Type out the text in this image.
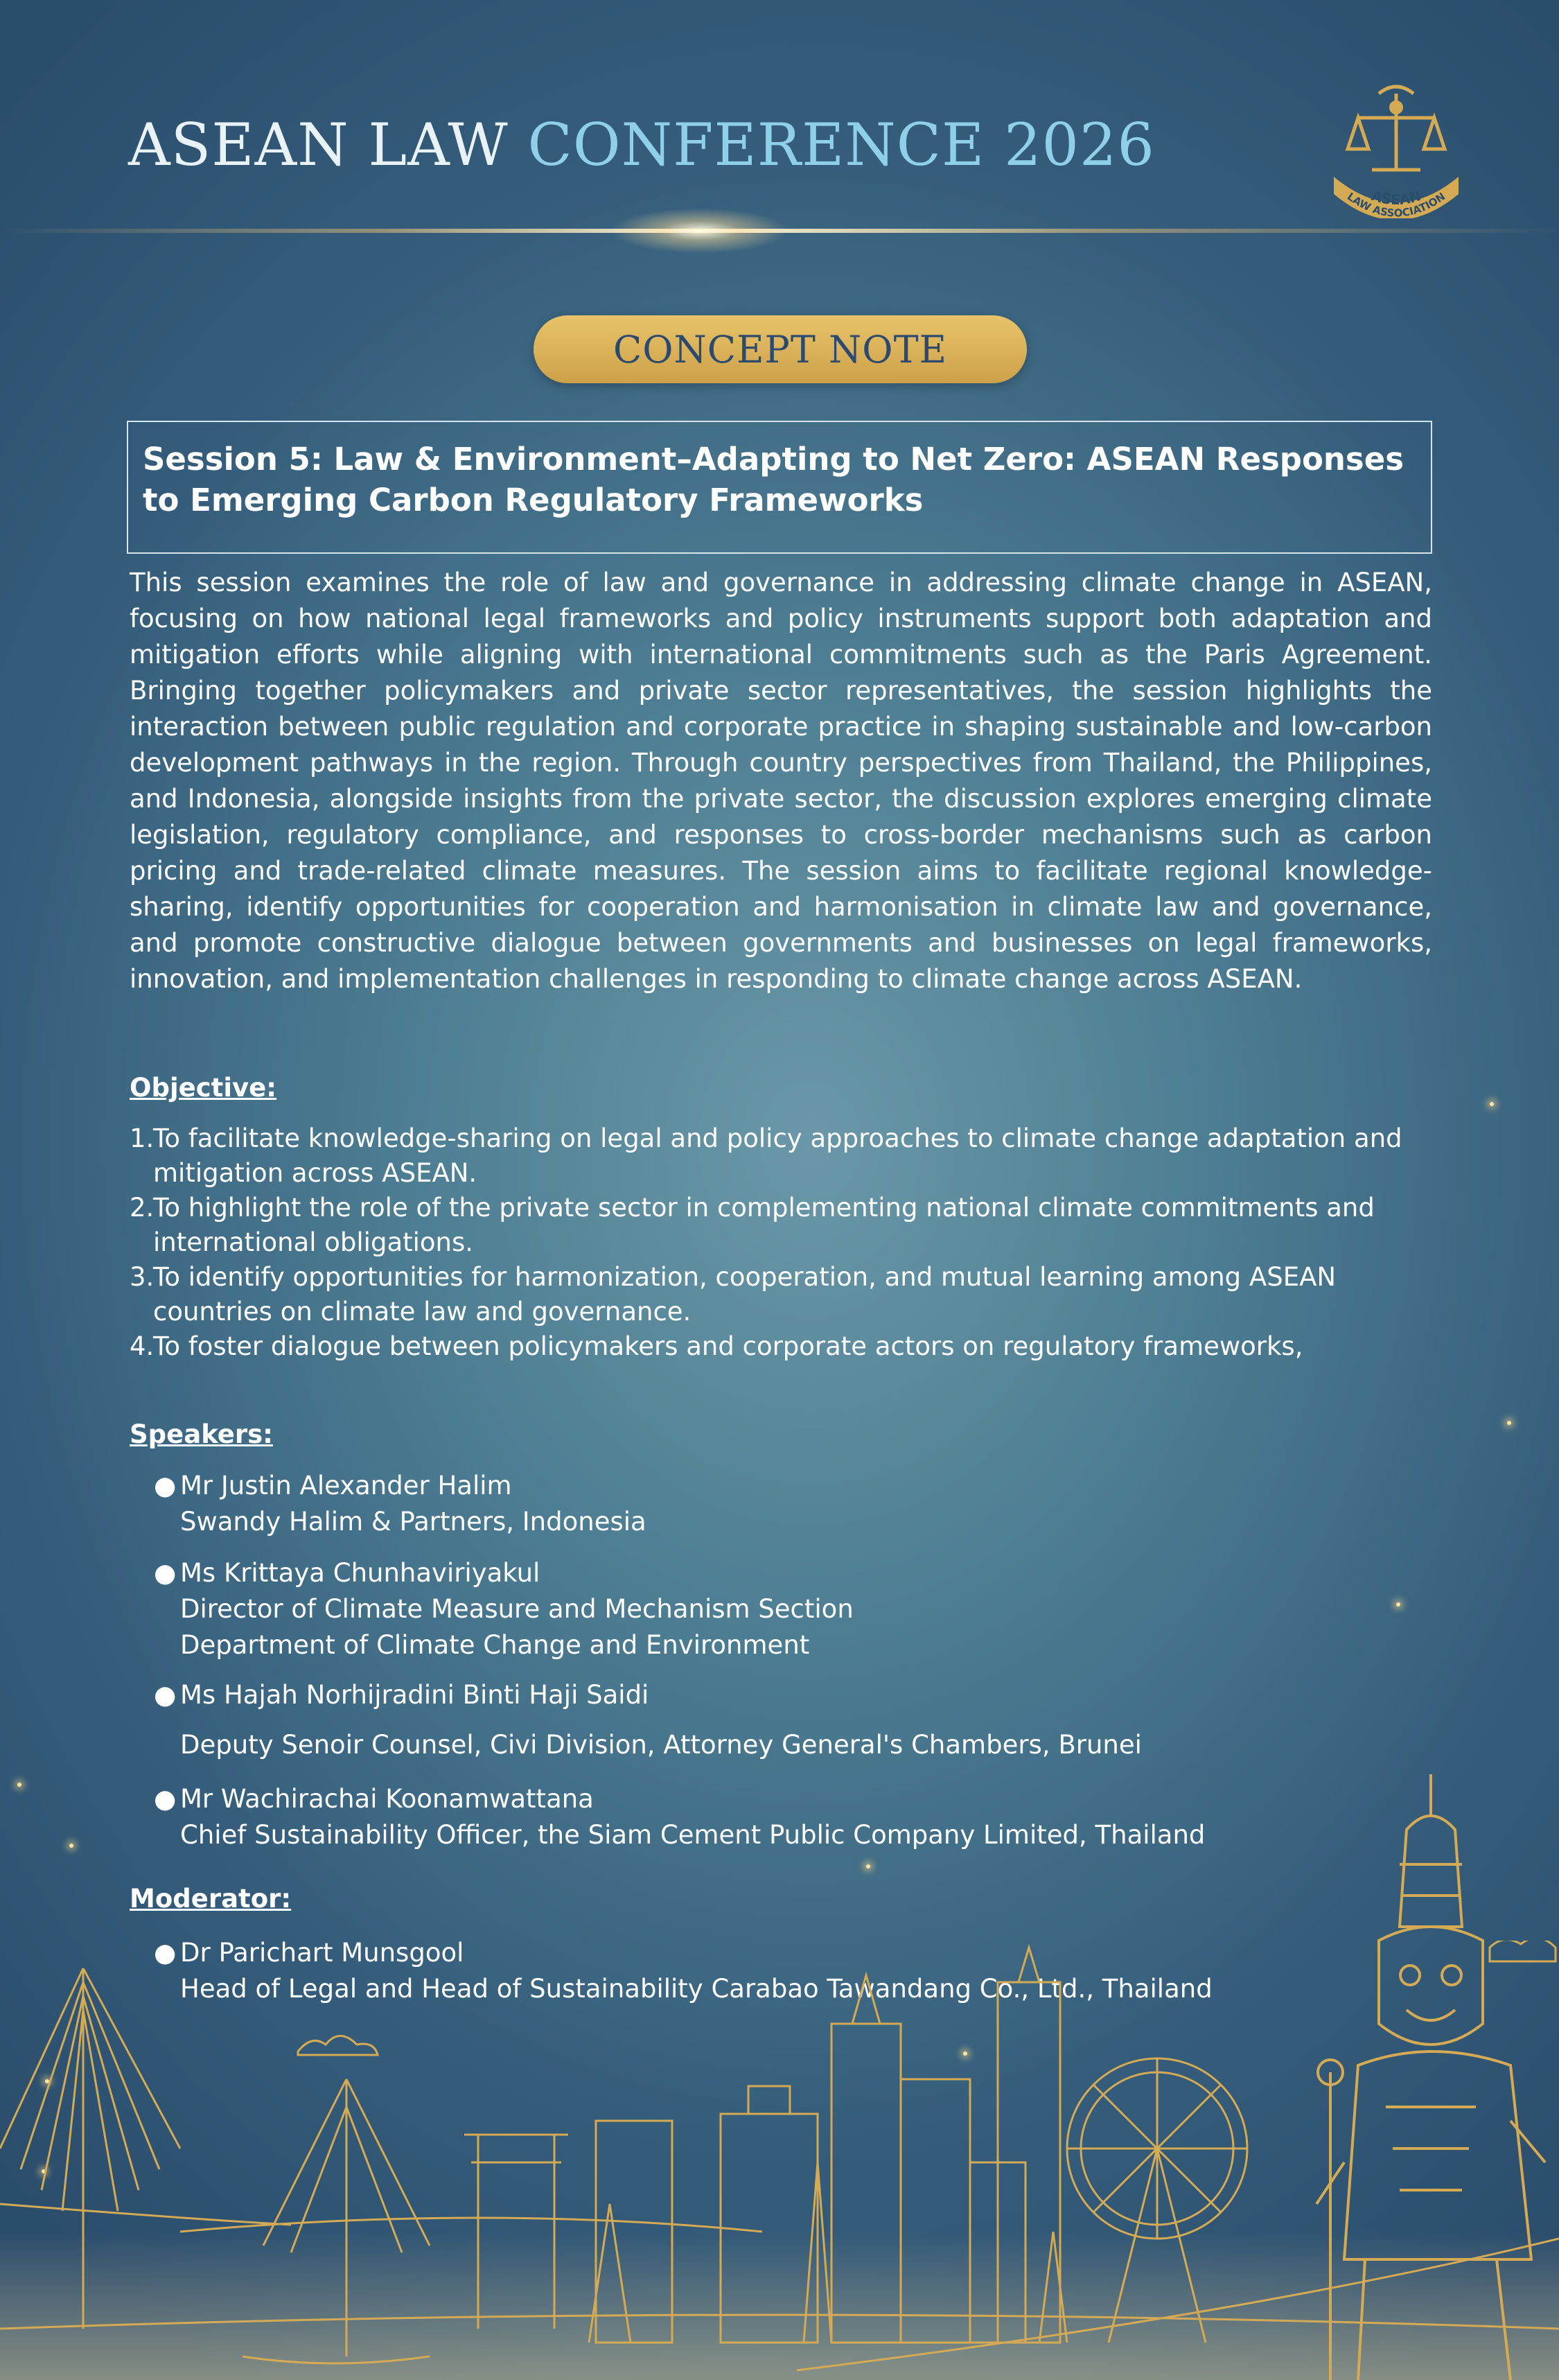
ASEAN LAW CONFERENCE 2026
ASEAN
LAW ASSOCIATION
CONCEPT NOTE
Session 5: Law & Environment–Adapting to Net Zero: ASEAN Responses to Emerging Carbon Regulatory Frameworks

This session examines the role of law and governance in addressing climate change in ASEAN, focusing on how national legal frameworks and policy instruments support both adaptation and mitigation efforts while aligning with international commitments such as the Paris Agreement. Bringing together policymakers and private sector representatives, the session highlights the interaction between public regulation and corporate practice in shaping sustainable and low-carbon development pathways in the region. Through country perspectives from Thailand, the Philippines, and Indonesia, alongside insights from the private sector, the discussion explores emerging climate legislation, regulatory compliance, and responses to cross-border mechanisms such as carbon pricing and trade-related climate measures. The session aims to facilitate regional knowledge-sharing, identify opportunities for cooperation and harmonisation in climate law and governance, and promote constructive dialogue between governments and businesses on legal frameworks, innovation, and implementation challenges in responding to climate change across ASEAN.

Objective:

1.
To facilitate knowledge-sharing on legal and policy approaches to climate change adaptation and mitigation across ASEAN.
2.
To highlight the role of the private sector in complementing national climate commitments and international obligations.
3.
To identify opportunities for harmonization, cooperation, and mutual learning among ASEAN countries on climate law and governance.
4.
To foster dialogue between policymakers and corporate actors on regulatory frameworks,

Speakers:

● Mr Justin Alexander Halim
Swandy Halim & Partners, Indonesia
● Ms Krittaya Chunhaviriyakul
Director of Climate Measure and Mechanism Section
Department of Climate Change and Environment
● Ms Hajah Norhijradini Binti Haji Saidi
Deputy Senoir Counsel, Civi Division, Attorney General's Chambers, Brunei
● Mr Wachirachai Koonamwattana
Chief Sustainability Officer, the Siam Cement Public Company Limited, Thailand

Moderator:

● Dr Parichart Munsgool
Head of Legal and Head of Sustainability Carabao Tawandang Co., Ltd., Thailand
